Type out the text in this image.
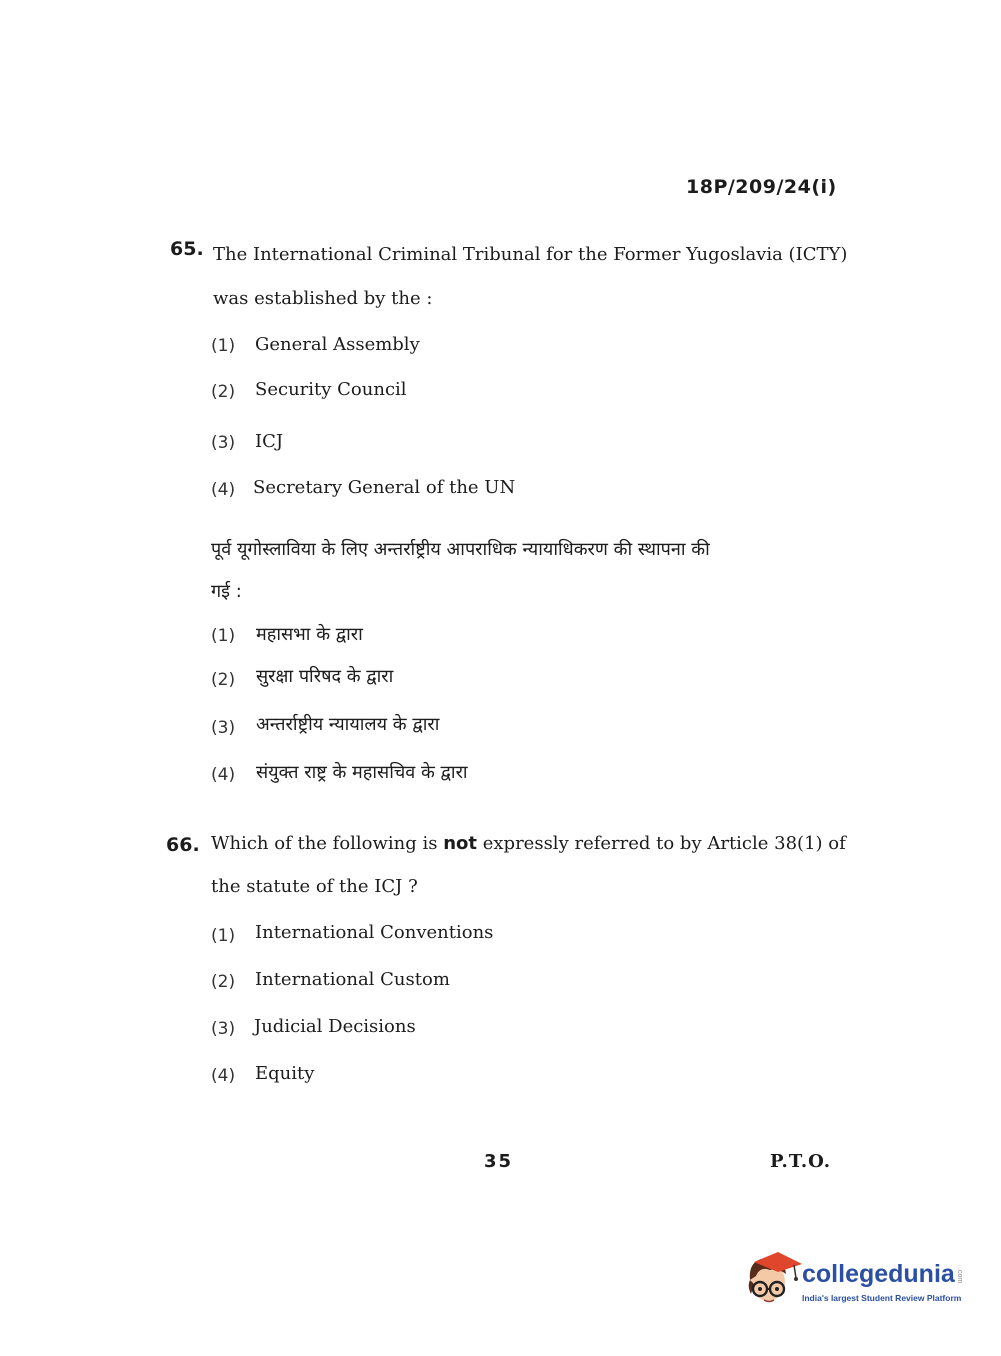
18P/209/24(i)
65. The International Criminal Tribunal for the Former Yugoslavia (ICTY)
was established by the :
(1) General Assembly
(2) Security Council
(3) ICJ
(4) Secretary General of the UN
पूर्व यूगोस्लाविया के लिए अन्तर्राष्ट्रीय आपराधिक न्यायाधिकरण की स्थापना की
गई :
(1) महासभा के द्वारा
(2) सुरक्षा परिषद के द्वारा
(3) अन्तर्राष्ट्रीय न्यायालय के द्वारा
(4) संयुक्त राष्ट्र के महासचिव के द्वारा
66. Which of the following is not expressly referred to by Article 38(1) of
the statute of the ICJ ?
(1) International Conventions
(2) International Custom
(3) Judicial Decisions
(4) Equity
35	P.T.O.
collegedunia .com
India's largest Student Review Platform
